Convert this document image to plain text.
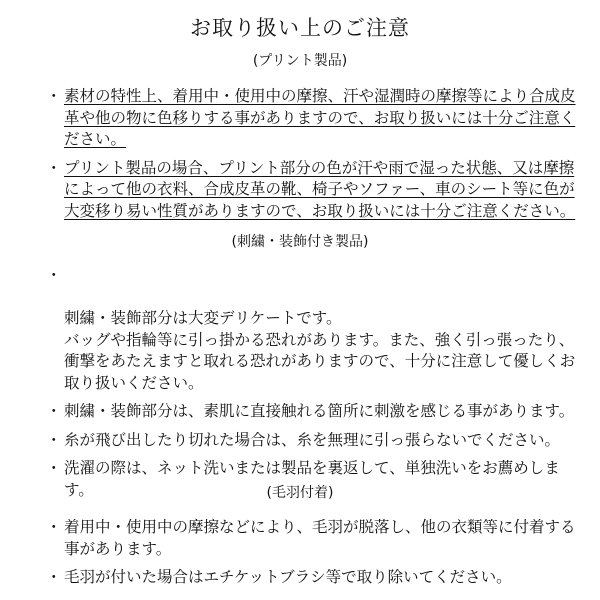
お取り扱い上のご注意
(プリント製品)
・ 素材の特性上、着用中・使用中の摩擦、汗や湿潤時の摩擦等により合成皮革や他の物に色移りする事がありますので、お取り扱いには十分ご注意ください。
・ プリント製品の場合、プリント部分の色が汗や雨で湿った状態、又は摩擦によって他の衣料、合成皮革の靴、椅子やソファー、車のシート等に色が大変移り易い性質がありますので、お取り扱いには十分ご注意ください。
(刺繍・装飾付き製品)

・

刺繍・装飾部分は大変デリケートです。
バッグや指輪等に引っ掛かる恐れがあります。また、強く引っ張ったり、衝撃をあたえますと取れる恐れがありますので、十分に注意して優しくお取り扱いください。

・ 刺繍・装飾部分は、素肌に直接触れる箇所に刺激を感じる事があります。
・ 糸が飛び出したり切れた場合は、糸を無理に引っ張らないでください。
・ 洗濯の際は、ネット洗いまたは製品を裏返して、単独洗いをお薦めします。	(毛羽付着)
・ 着用中・使用中の摩擦などにより、毛羽が脱落し、他の衣類等に付着する事があります。
・ 毛羽が付いた場合はエチケットブラシ等で取り除いてください。
